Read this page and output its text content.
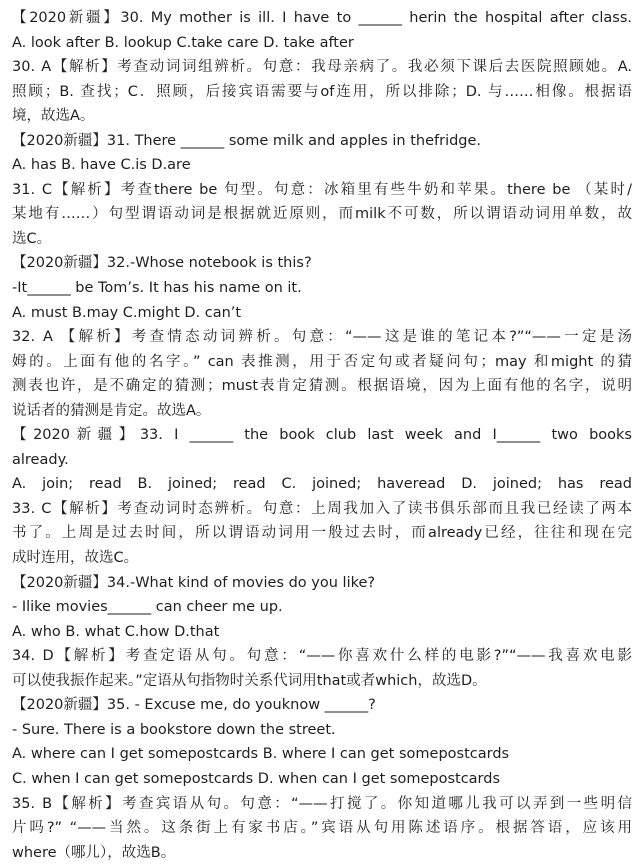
【2020新疆】30. My mother is ill. I have to ______ herin the hospital after class.
A. look after B. lookup C.take care D. take after
30. A【解析】考查动词词组辨析。句意：我母亲病了。我必须下课后去医院照顾她。A.
照顾；B. 查找；C．照顾，后接宾语需要与of连用，所以排除；D. 与……相像。根据语
境，故选A。
【2020新疆】31. There ______ some milk and apples in thefridge.
A. has B. have C.is D.are
31. C【解析】考查there be 句型。句意：冰箱里有些牛奶和苹果。there be （某时/
某地有……）句型谓语动词是根据就近原则，而milk不可数，所以谓语动词用单数，故
选C。
【2020新疆】32.-Whose notebook is this?
-It______ be Tom’s. It has his name on it.
A. must B.may C.might D. can’t
32. A 【解析】考查情态动词辨析。句意：“——这是谁的笔记本?”“——一定是汤
姆的。上面有他的名字。” can 表推测，用于否定句或者疑问句；may 和might 的猜
测表也许，是不确定的猜测；must表肯定猜测。根据语境，因为上面有他的名字，说明
说话者的猜测是肯定。故选A。
【2020新疆】33. I ______ the book club last week and I______ two books
already.
A. join; read B. joined; read C. joined; haveread D. joined; has read
33. C【解析】考查动词时态辨析。句意：上周我加入了读书俱乐部而且我已经读了两本
书了。上周是过去时间，所以谓语动词用一般过去时，而already已经，往往和现在完
成时连用，故选C。
【2020新疆】34.-What kind of movies do you like?
- Ilike movies______ can cheer me up.
A. who B. what C.how D.that
34. D【解析】考查定语从句。句意：“——你喜欢什么样的电影?”“——我喜欢电影
可以使我振作起来。”定语从句指物时关系代词用that或者which，故选D。
【2020新疆】35. - Excuse me, do youknow ______?
- Sure. There is a bookstore down the street.
A. where can I get somepostcards B. where I can get somepostcards
C. when I can get somepostcards D. when can I get somepostcards
35. B【解析】考查宾语从句。句意：“——打搅了。你知道哪儿我可以弄到一些明信
片吗?” “——当然。这条街上有家书店。”宾语从句用陈述语序。根据答语，应该用
where（哪儿），故选B。
